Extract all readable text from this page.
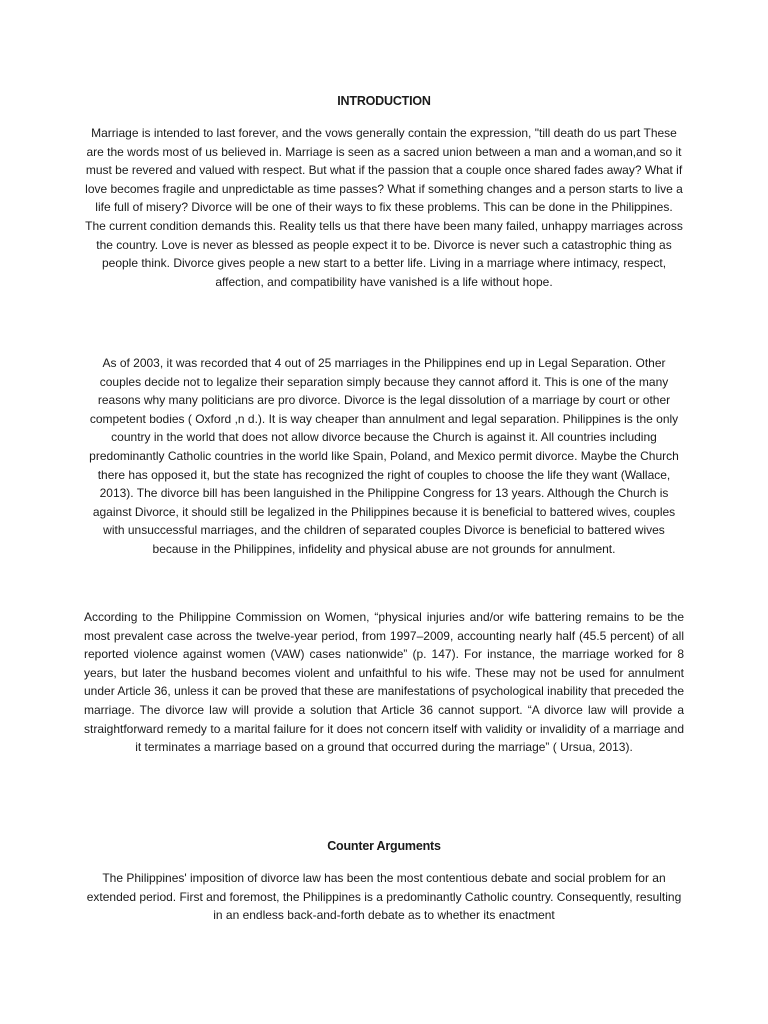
INTRODUCTION

Marriage is intended to last forever, and the vows generally contain the expression, "till death do us part These are the words most of us believed in. Marriage is seen as a sacred union between a man and a woman,and so it must be revered and valued with respect. But what if the passion that a couple once shared fades away? What if love becomes fragile and unpredictable as time passes? What if something changes and a person starts to live a life full of misery? Divorce will be one of their ways to fix these problems. This can be done in the Philippines. The current condition demands this. Reality tells us that there have been many failed, unhappy marriages across the country. Love is never as blessed as people expect it to be. Divorce is never such a catastrophic thing as people think. Divorce gives people a new start to a better life. Living in a marriage where intimacy, respect, affection, and compatibility have vanished is a life without hope.

As of 2003, it was recorded that 4 out of 25 marriages in the Philippines end up in Legal Separation. Other couples decide not to legalize their separation simply because they cannot afford it. This is one of the many reasons why many politicians are pro divorce. Divorce is the legal dissolution of a marriage by court or other competent bodies ( Oxford ,n d.). It is way cheaper than annulment and legal separation. Philippines is the only country in the world that does not allow divorce because the Church is against it. All countries including predominantly Catholic countries in the world like Spain, Poland, and Mexico permit divorce. Maybe the Church there has opposed it, but the state has recognized the right of couples to choose the life they want (Wallace, 2013). The divorce bill has been languished in the Philippine Congress for 13 years. Although the Church is against Divorce, it should still be legalized in the Philippines because it is beneficial to battered wives, couples with unsuccessful marriages, and the children of separated couples Divorce is beneficial to battered wives because in the Philippines, infidelity and physical abuse are not grounds for annulment.

According to the Philippine Commission on Women, “physical injuries and/or wife battering remains to be the most prevalent case across the twelve-year period, from 1997–2009, accounting nearly half (45.5 percent) of all reported violence against women (VAW) cases nationwide” (p. 147). For instance, the marriage worked for 8 years, but later the husband becomes violent and unfaithful to his wife. These may not be used for annulment under Article 36, unless it can be proved that these are manifestations of psychological inability that preceded the marriage. The divorce law will provide a solution that Article 36 cannot support. “A divorce law will provide a straightforward remedy to a marital failure for it does not concern itself with validity or invalidity of a marriage and it terminates a marriage based on a ground that occurred during the marriage” ( Ursua, 2013).

Counter Arguments

The Philippines' imposition of divorce law has been the most contentious debate and social problem for an extended period. First and foremost, the Philippines is a predominantly Catholic country. Consequently, resulting in an endless back-and-forth debate as to whether its enactment
